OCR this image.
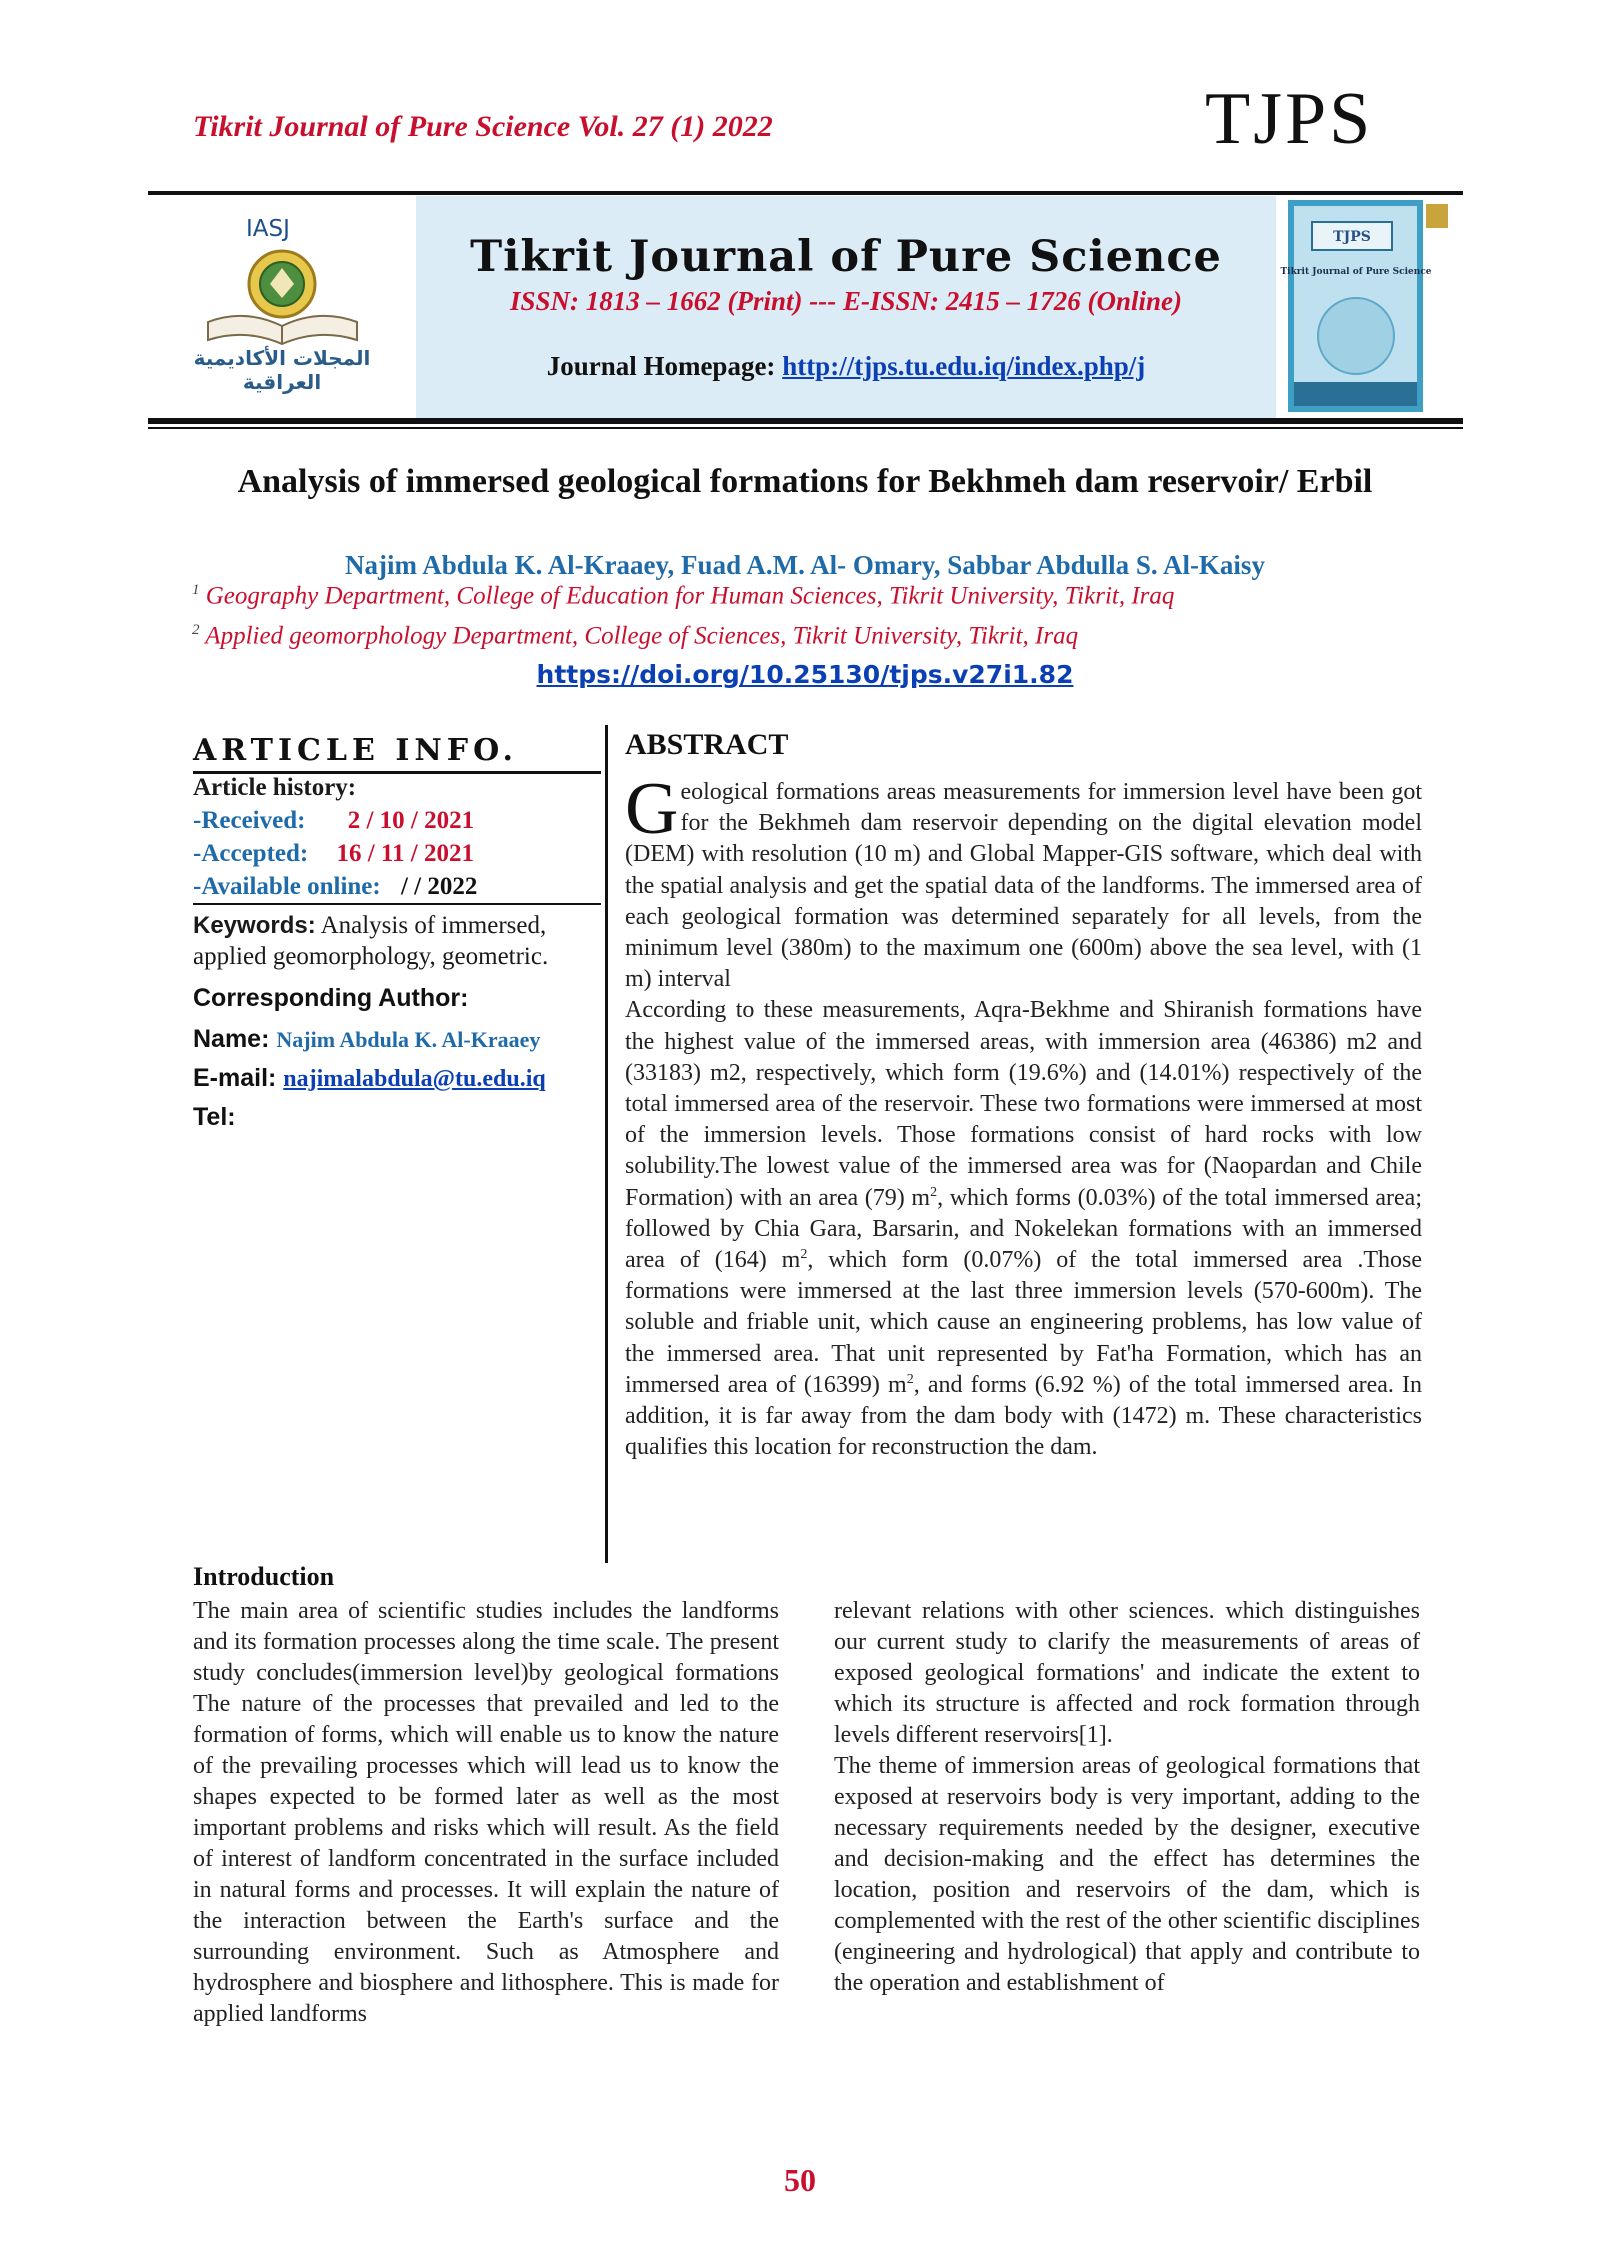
Tikrit Journal of Pure Science Vol. 27 (1) 2022	TJPS
IASJ
المجلات الأكاديمية العراقية
Tikrit Journal of Pure Science
ISSN: 1813 – 1662 (Print) --- E-ISSN: 2415 – 1726 (Online)
Journal Homepage: http://tjps.tu.edu.iq/index.php/j
TJPS
Tikrit Journal of Pure Science
Analysis of immersed geological formations for Bekhmeh dam reservoir/ Erbil
Najim Abdula K. Al-Kraaey, Fuad A.M. Al- Omary, Sabbar Abdulla S. Al-Kaisy
$^1$ Geography Department, College of Education for Human Sciences, Tikrit University, Tikrit, Iraq
$^2$ Applied geomorphology Department, College of Sciences, Tikrit University, Tikrit, Iraq
https://doi.org/10.25130/tjps.v27i1.82
ARTICLE INFO.
Article history:
-Received: 2 / 10 / 2021
-Accepted: 16 / 11 / 2021
-Available online: / / 2022
Keywords: Analysis of immersed, applied geomorphology, geometric.
Corresponding Author:
Name: Najim Abdula K. Al-Kraaey
E-mail: najimalabdula@tu.edu.iq
Tel:
ABSTRACT
Geological formations areas measurements for immersion level have been got for the Bekhmeh dam reservoir depending on the digital elevation model (DEM) with resolution (10 m) and Global Mapper-GIS software, which deal with the spatial analysis and get the spatial data of the landforms. The immersed area of each geological formation was determined separately for all levels, from the minimum level (380m) to the maximum one (600m) above the sea level, with (1 m) interval
According to these measurements, Aqra-Bekhme and Shiranish formations have the highest value of the immersed areas, with immersion area (46386) m2 and (33183) m2, respectively, which form (19.6%) and (14.01%) respectively of the total immersed area of the reservoir. These two formations were immersed at most of the immersion levels. Those formations consist of hard rocks with low solubility.The lowest value of the immersed area was for (Naopardan and Chile Formation) with an area (79) $m^2$, which forms (0.03%) of the total immersed area; followed by Chia Gara, Barsarin, and Nokelekan formations with an immersed area of (164) $m^2$, which form (0.07%) of the total immersed area .Those formations were immersed at the last three immersion levels (570-600m). The soluble and friable unit, which cause an engineering problems, has low value of the immersed area. That unit represented by Fat'ha Formation, which has an immersed area of (16399) $m^2$, and forms (6.92 %) of the total immersed area. In addition, it is far away from the dam body with (1472) m. These characteristics qualifies this location for reconstruction the dam.
Introduction
The main area of scientific studies includes the landforms and its formation processes along the time scale. The present study concludes(immersion level)by geological formations The nature of the processes that prevailed and led to the formation of forms, which will enable us to know the nature of the prevailing processes which will lead us to know the shapes expected to be formed later as well as the most important problems and risks which will result. As the field of interest of landform concentrated in the surface included in natural forms and processes. It will explain the nature of the interaction between the Earth's surface and the surrounding environment. Such as Atmosphere and hydrosphere and biosphere and lithosphere. This is made for applied landforms
relevant relations with other sciences. which distinguishes our current study to clarify the measurements of areas of exposed geological formations' and indicate the extent to which its structure is affected and rock formation through levels different reservoirs[1].
The theme of immersion areas of geological formations that exposed at reservoirs body is very important, adding to the necessary requirements needed by the designer, executive and decision-making and the effect has determines the location, position and reservoirs of the dam, which is complemented with the rest of the other scientific disciplines (engineering and hydrological) that apply and contribute to the operation and establishment of
50
